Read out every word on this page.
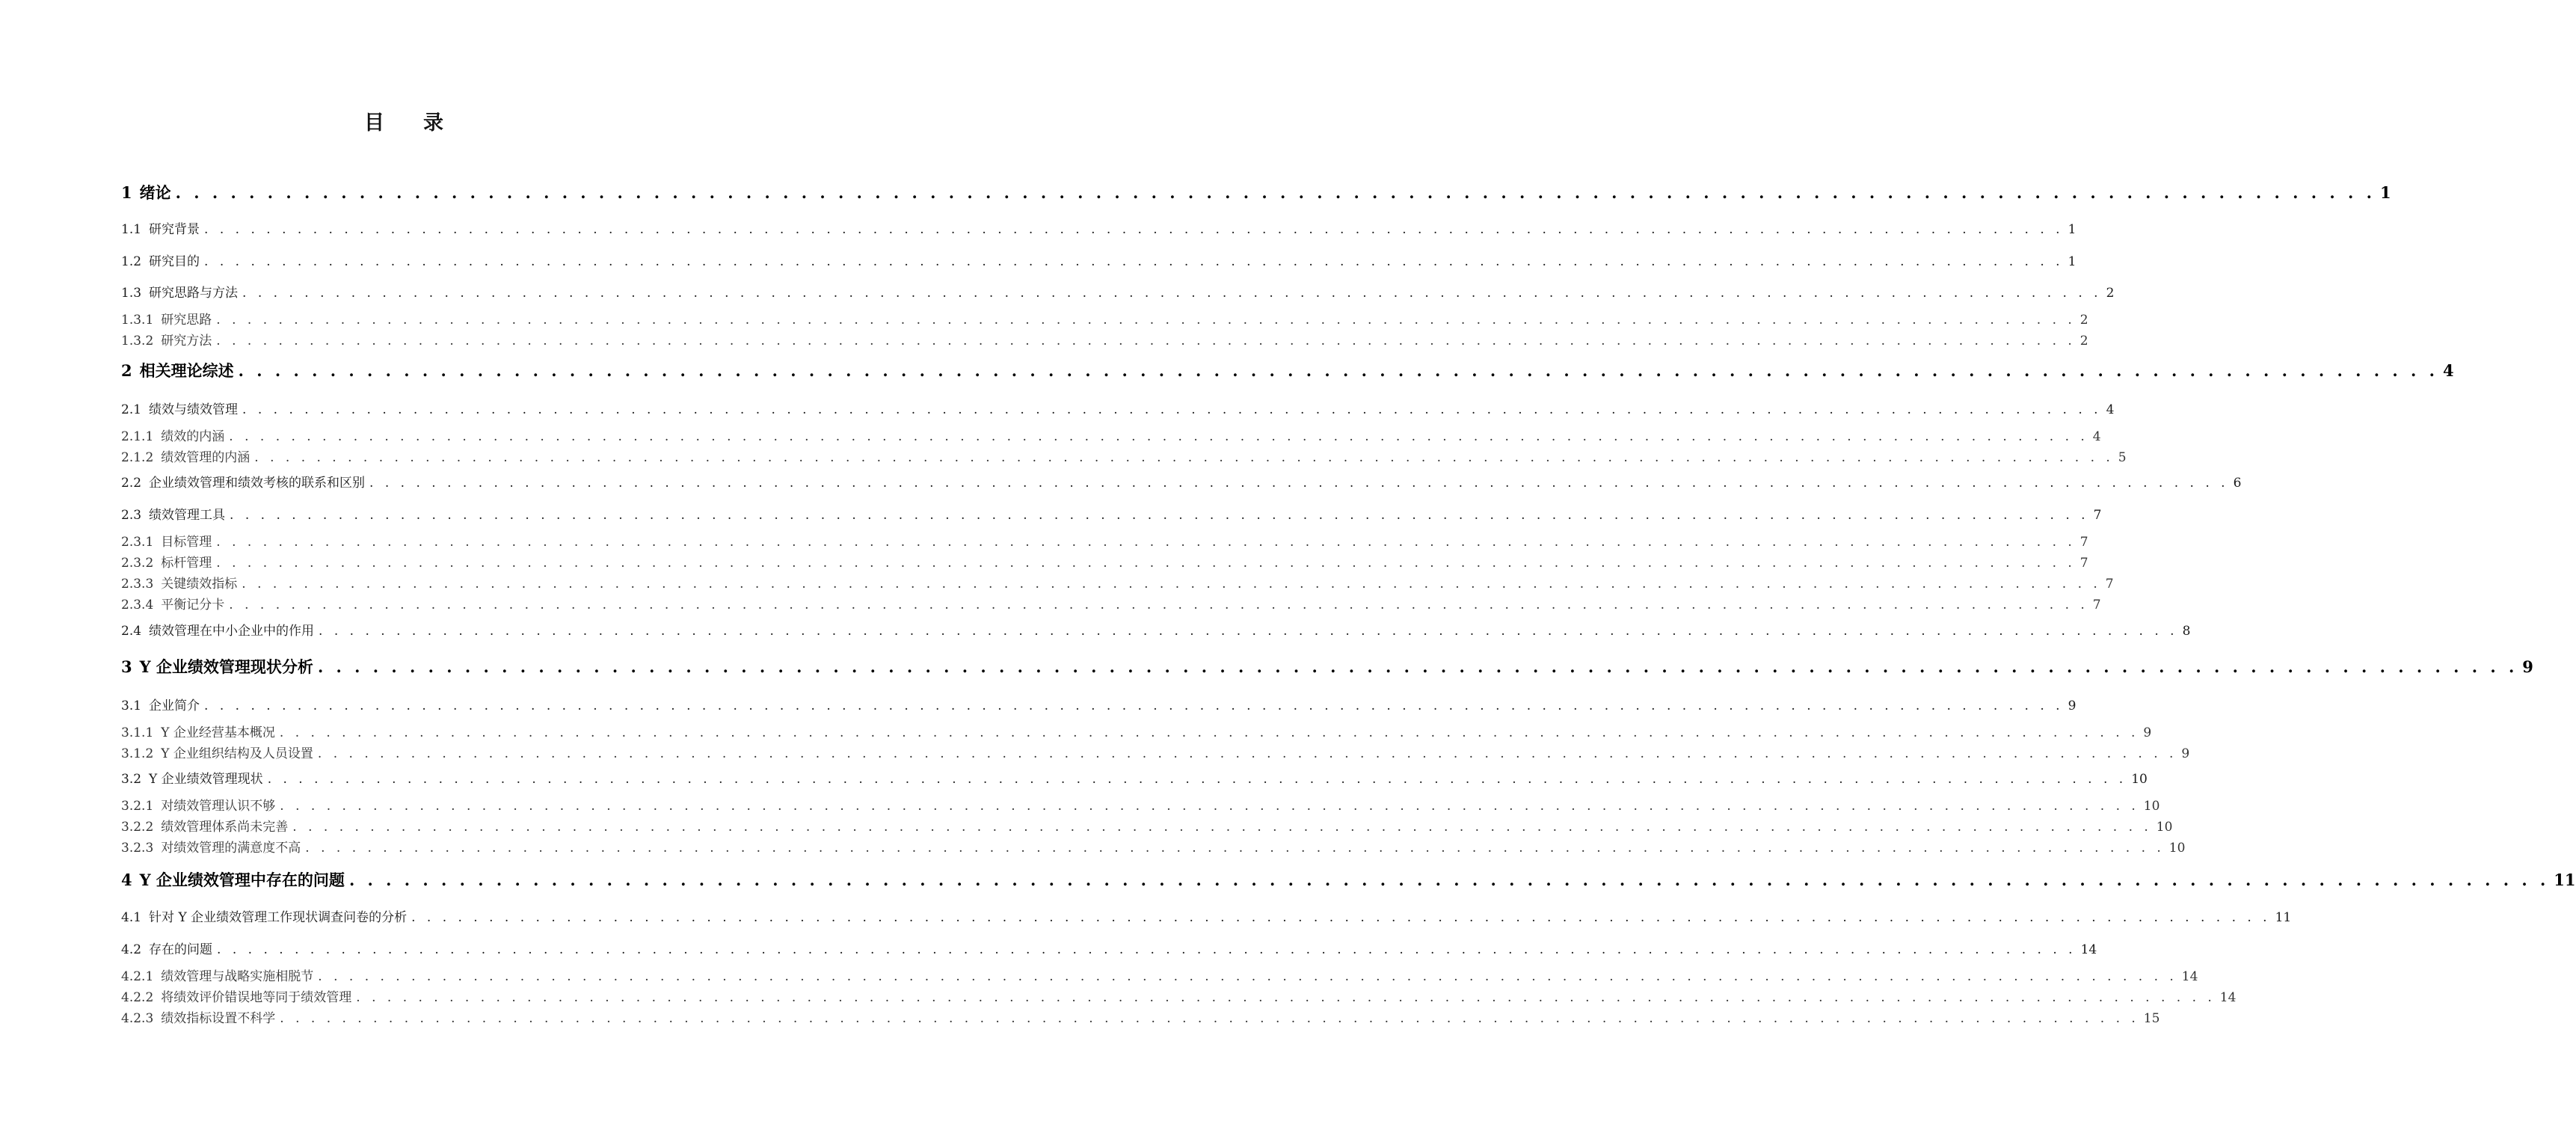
目 录
1 绪论 . . . . . . . . . . . . . . . . . . . . . . . . . . . . . . . . . . . . . . . . . . . . . . . . . . . . . . . . . . . . . . . . . . . . . . . . . . . . . . . . . . . . . . . . . . . . . . . . . . . . . . . . . . . . . . . . . . . . . . . . 1
1.1 研究背景 . . . . . . . . . . . . . . . . . . . . . . . . . . . . . . . . . . . . . . . . . . . . . . . . . . . . . . . . . . . . . . . . . . . . . . . . . . . . . . . . . . . . . . . . . . . . . . . . . . . . . . . . . . . . . . . . . . . . . . . . 1
1.2 研究目的 . . . . . . . . . . . . . . . . . . . . . . . . . . . . . . . . . . . . . . . . . . . . . . . . . . . . . . . . . . . . . . . . . . . . . . . . . . . . . . . . . . . . . . . . . . . . . . . . . . . . . . . . . . . . . . . . . . . . . . . . 1
1.3 研究思路与方法 . . . . . . . . . . . . . . . . . . . . . . . . . . . . . . . . . . . . . . . . . . . . . . . . . . . . . . . . . . . . . . . . . . . . . . . . . . . . . . . . . . . . . . . . . . . . . . . . . . . . . . . . . . . . . . . . . . . . . . . . 2
1.3.1 研究思路 . . . . . . . . . . . . . . . . . . . . . . . . . . . . . . . . . . . . . . . . . . . . . . . . . . . . . . . . . . . . . . . . . . . . . . . . . . . . . . . . . . . . . . . . . . . . . . . . . . . . . . . . . . . . . . . . . . . . . . . . 2
1.3.2 研究方法 . . . . . . . . . . . . . . . . . . . . . . . . . . . . . . . . . . . . . . . . . . . . . . . . . . . . . . . . . . . . . . . . . . . . . . . . . . . . . . . . . . . . . . . . . . . . . . . . . . . . . . . . . . . . . . . . . . . . . . . . 2
2 相关理论综述 . . . . . . . . . . . . . . . . . . . . . . . . . . . . . . . . . . . . . . . . . . . . . . . . . . . . . . . . . . . . . . . . . . . . . . . . . . . . . . . . . . . . . . . . . . . . . . . . . . . . . . . . . . . . . . . . . . . . . . . . 4
2.1 绩效与绩效管理 . . . . . . . . . . . . . . . . . . . . . . . . . . . . . . . . . . . . . . . . . . . . . . . . . . . . . . . . . . . . . . . . . . . . . . . . . . . . . . . . . . . . . . . . . . . . . . . . . . . . . . . . . . . . . . . . . . . . . . . . 4
2.1.1 绩效的内涵 . . . . . . . . . . . . . . . . . . . . . . . . . . . . . . . . . . . . . . . . . . . . . . . . . . . . . . . . . . . . . . . . . . . . . . . . . . . . . . . . . . . . . . . . . . . . . . . . . . . . . . . . . . . . . . . . . . . . . . . . 4
2.1.2 绩效管理的内涵 . . . . . . . . . . . . . . . . . . . . . . . . . . . . . . . . . . . . . . . . . . . . . . . . . . . . . . . . . . . . . . . . . . . . . . . . . . . . . . . . . . . . . . . . . . . . . . . . . . . . . . . . . . . . . . . . . . . . . . . . 5
2.2 企业绩效管理和绩效考核的联系和区别 . . . . . . . . . . . . . . . . . . . . . . . . . . . . . . . . . . . . . . . . . . . . . . . . . . . . . . . . . . . . . . . . . . . . . . . . . . . . . . . . . . . . . . . . . . . . . . . . . . . . . . . . . . . . . . . . . . . . . . . . 6
2.3 绩效管理工具 . . . . . . . . . . . . . . . . . . . . . . . . . . . . . . . . . . . . . . . . . . . . . . . . . . . . . . . . . . . . . . . . . . . . . . . . . . . . . . . . . . . . . . . . . . . . . . . . . . . . . . . . . . . . . . . . . . . . . . . . 7
2.3.1 目标管理 . . . . . . . . . . . . . . . . . . . . . . . . . . . . . . . . . . . . . . . . . . . . . . . . . . . . . . . . . . . . . . . . . . . . . . . . . . . . . . . . . . . . . . . . . . . . . . . . . . . . . . . . . . . . . . . . . . . . . . . . 7
2.3.2 标杆管理 . . . . . . . . . . . . . . . . . . . . . . . . . . . . . . . . . . . . . . . . . . . . . . . . . . . . . . . . . . . . . . . . . . . . . . . . . . . . . . . . . . . . . . . . . . . . . . . . . . . . . . . . . . . . . . . . . . . . . . . . 7
2.3.3 关键绩效指标 . . . . . . . . . . . . . . . . . . . . . . . . . . . . . . . . . . . . . . . . . . . . . . . . . . . . . . . . . . . . . . . . . . . . . . . . . . . . . . . . . . . . . . . . . . . . . . . . . . . . . . . . . . . . . . . . . . . . . . . . 7
2.3.4 平衡记分卡 . . . . . . . . . . . . . . . . . . . . . . . . . . . . . . . . . . . . . . . . . . . . . . . . . . . . . . . . . . . . . . . . . . . . . . . . . . . . . . . . . . . . . . . . . . . . . . . . . . . . . . . . . . . . . . . . . . . . . . . . 7
2.4 绩效管理在中小企业中的作用 . . . . . . . . . . . . . . . . . . . . . . . . . . . . . . . . . . . . . . . . . . . . . . . . . . . . . . . . . . . . . . . . . . . . . . . . . . . . . . . . . . . . . . . . . . . . . . . . . . . . . . . . . . . . . . . . . . . . . . . . 8
3 Y 企业绩效管理现状分析 . . . . . . . . . . . . . . . . . . . . . . . . . . . . . . . . . . . . . . . . . . . . . . . . . . . . . . . . . . . . . . . . . . . . . . . . . . . . . . . . . . . . . . . . . . . . . . . . . . . . . . . . . . . . . . . . . . . . . . . . 9
3.1 企业简介 . . . . . . . . . . . . . . . . . . . . . . . . . . . . . . . . . . . . . . . . . . . . . . . . . . . . . . . . . . . . . . . . . . . . . . . . . . . . . . . . . . . . . . . . . . . . . . . . . . . . . . . . . . . . . . . . . . . . . . . . 9
3.1.1 Y 企业经营基本概况 . . . . . . . . . . . . . . . . . . . . . . . . . . . . . . . . . . . . . . . . . . . . . . . . . . . . . . . . . . . . . . . . . . . . . . . . . . . . . . . . . . . . . . . . . . . . . . . . . . . . . . . . . . . . . . . . . . . . . . . . 9
3.1.2 Y 企业组织结构及人员设置 . . . . . . . . . . . . . . . . . . . . . . . . . . . . . . . . . . . . . . . . . . . . . . . . . . . . . . . . . . . . . . . . . . . . . . . . . . . . . . . . . . . . . . . . . . . . . . . . . . . . . . . . . . . . . . . . . . . . . . . . 9
3.2 Y 企业绩效管理现状 . . . . . . . . . . . . . . . . . . . . . . . . . . . . . . . . . . . . . . . . . . . . . . . . . . . . . . . . . . . . . . . . . . . . . . . . . . . . . . . . . . . . . . . . . . . . . . . . . . . . . . . . . . . . . . . . . . . . . . . . 10
3.2.1 对绩效管理认识不够 . . . . . . . . . . . . . . . . . . . . . . . . . . . . . . . . . . . . . . . . . . . . . . . . . . . . . . . . . . . . . . . . . . . . . . . . . . . . . . . . . . . . . . . . . . . . . . . . . . . . . . . . . . . . . . . . . . . . . . . . 10
3.2.2 绩效管理体系尚未完善 . . . . . . . . . . . . . . . . . . . . . . . . . . . . . . . . . . . . . . . . . . . . . . . . . . . . . . . . . . . . . . . . . . . . . . . . . . . . . . . . . . . . . . . . . . . . . . . . . . . . . . . . . . . . . . . . . . . . . . . . 10
3.2.3 对绩效管理的满意度不高 . . . . . . . . . . . . . . . . . . . . . . . . . . . . . . . . . . . . . . . . . . . . . . . . . . . . . . . . . . . . . . . . . . . . . . . . . . . . . . . . . . . . . . . . . . . . . . . . . . . . . . . . . . . . . . . . . . . . . . . . 10
4 Y 企业绩效管理中存在的问题 . . . . . . . . . . . . . . . . . . . . . . . . . . . . . . . . . . . . . . . . . . . . . . . . . . . . . . . . . . . . . . . . . . . . . . . . . . . . . . . . . . . . . . . . . . . . . . . . . . . . . . . . . . . . . . . . . . . . . . . . 11
4.1 针对 Y 企业绩效管理工作现状调查问卷的分析 . . . . . . . . . . . . . . . . . . . . . . . . . . . . . . . . . . . . . . . . . . . . . . . . . . . . . . . . . . . . . . . . . . . . . . . . . . . . . . . . . . . . . . . . . . . . . . . . . . . . . . . . . . . . . . . . . . . . . . . . 11
4.2 存在的问题 . . . . . . . . . . . . . . . . . . . . . . . . . . . . . . . . . . . . . . . . . . . . . . . . . . . . . . . . . . . . . . . . . . . . . . . . . . . . . . . . . . . . . . . . . . . . . . . . . . . . . . . . . . . . . . . . . . . . . . . . 14
4.2.1 绩效管理与战略实施相脱节 . . . . . . . . . . . . . . . . . . . . . . . . . . . . . . . . . . . . . . . . . . . . . . . . . . . . . . . . . . . . . . . . . . . . . . . . . . . . . . . . . . . . . . . . . . . . . . . . . . . . . . . . . . . . . . . . . . . . . . . . 14
4.2.2 将绩效评价错误地等同于绩效管理 . . . . . . . . . . . . . . . . . . . . . . . . . . . . . . . . . . . . . . . . . . . . . . . . . . . . . . . . . . . . . . . . . . . . . . . . . . . . . . . . . . . . . . . . . . . . . . . . . . . . . . . . . . . . . . . . . . . . . . . . 14
4.2.3 绩效指标设置不科学 . . . . . . . . . . . . . . . . . . . . . . . . . . . . . . . . . . . . . . . . . . . . . . . . . . . . . . . . . . . . . . . . . . . . . . . . . . . . . . . . . . . . . . . . . . . . . . . . . . . . . . . . . . . . . . . . . . . . . . . . 15
